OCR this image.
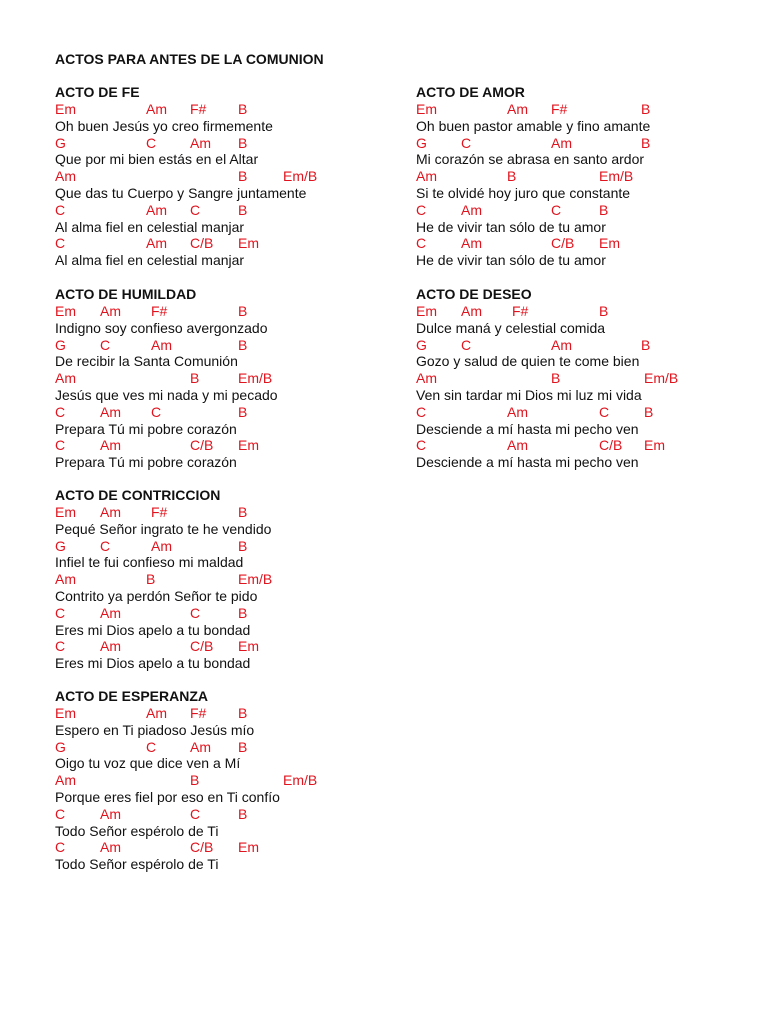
ACTOS PARA ANTES DE LA COMUNION
ACTO DE FE
Em	Am F# B
Oh buen Jesús yo creo firmemente
G	C Am B
Que por mi bien estás en el Altar
Am	B	Em/B
Que das tu Cuerpo y Sangre juntamente
C	Am C	B
Al alma fiel en celestial manjar
C	Am C/B Em
Al alma fiel en celestial manjar
ACTO DE HUMILDAD
Em Am F#	B
Indigno soy confieso avergonzado
G C	Am	B
De recibir la Santa Comunión
Am	B	Em/B
Jesús que ves mi nada y mi pecado
C Am C	B
Prepara Tú mi pobre corazón
C Am	C/B Em
Prepara Tú mi pobre corazón
ACTO DE CONTRICCION
Em Am F#	B
Pequé Señor ingrato te he vendido
G C	Am	B
Infiel te fui confieso mi maldad
Am	B	Em/B
Contrito ya perdón Señor te pido
C Am	C	B
Eres mi Dios apelo a tu bondad
C Am	C/B Em
Eres mi Dios apelo a tu bondad
ACTO DE ESPERANZA
Em	Am F# B
Espero en Ti piadoso Jesús mío
G	C Am B
Oigo tu voz que dice ven a Mí
Am	B	Em/B
Porque eres fiel por eso en Ti confío
C Am	C	B
Todo Señor espérolo de Ti
C Am	C/B Em
Todo Señor espérolo de Ti
ACTO DE AMOR
Em	Am F#	B
Oh buen pastor amable y fino amante
G C	Am	B
Mi corazón se abrasa en santo ardor
Am	B	Em/B
Si te olvidé hoy juro que constante
C Am	C	B
He de vivir tan sólo de tu amor
C Am	C/B Em
He de vivir tan sólo de tu amor
ACTO DE DESEO
Em Am F#	B
Dulce maná y celestial comida
G C	Am	B
Gozo y salud de quien te come bien
Am	B	Em/B
Ven sin tardar mi Dios mi luz mi vida
C	Am	C B
Desciende a mí hasta mi pecho ven
C	Am	C/B Em
Desciende a mí hasta mi pecho ven
